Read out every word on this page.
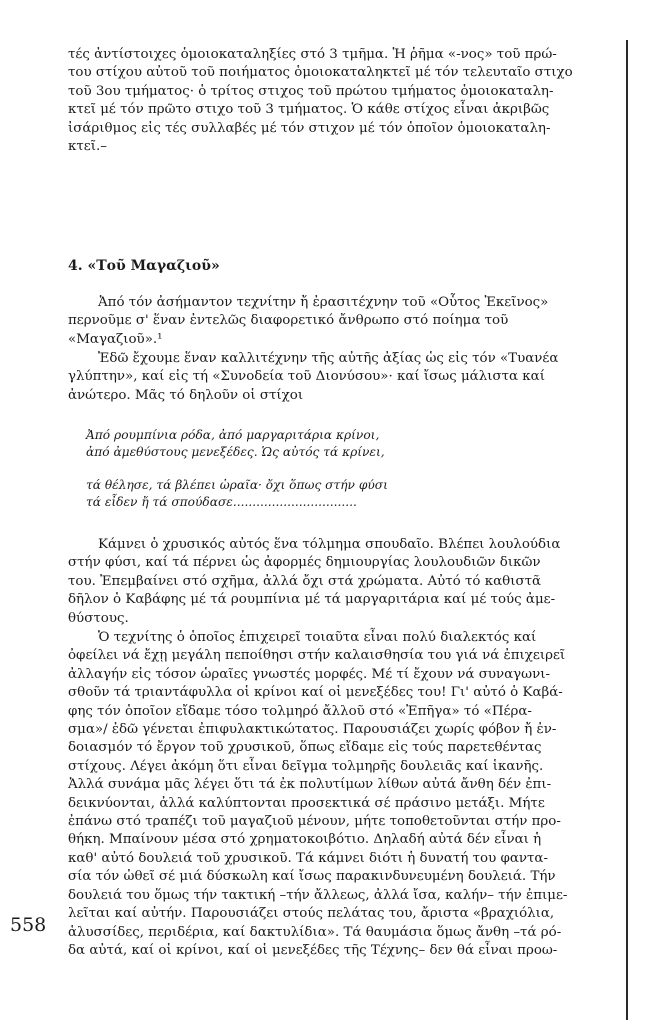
558
τές ἀντίστοιχες ὁμοιοκαταληξίες στό 3 τμῆμα. Ἡ ῥῆμα «-νος» τοῦ πρώ-
του στίχου αὐτοῦ τοῦ ποιήματος ὁμοιοκαταληκτεῖ μέ τόν τελευταῖο στιχο
τοῦ 3ου τμήματος· ὁ τρίτος στιχος τοῦ πρώτου τμήματος ὁμοιοκαταλη-
κτεῖ μέ τόν πρῶτο στιχο τοῦ 3 τμήματος. Ὁ κάθε στίχος εἶναι ἀκριβῶς
ἰσάριθμος εἰς τές συλλαβές μέ τόν στιχον μέ τόν ὁποῖον ὁμοιοκαταλη-
κτεῖ.–
4. «Τοῦ Μαγαζιοῦ»
Ἀπό τόν ἀσήμαντον τεχνίτην ἤ ἐρασιτέχνην τοῦ «Οὗτος Ἐκεῖνος»
περνοῦμε σ' ἕναν ἐντελῶς διαφορετικό ἄνθρωπο στό ποίημα τοῦ
«Μαγαζιοῦ».¹
Ἐδῶ ἔχουμε ἕναν καλλιτέχνην τῆς αὐτῆς ἀξίας ὡς εἰς τόν «Τυανέα
γλύπτην», καί εἰς τή «Συνοδεία τοῦ Διονύσου»· καί ἴσως μάλιστα καί
ἀνώτερο. Μᾶς τό δηλοῦν οἱ στίχοι
Ἀπό ρουμπίνια ρόδα, ἀπό μαργαριτάρια κρίνοι,
ἀπό ἀμεθύστους μενεξέδες. Ὡς αὐτός τά κρίνει,
τά θέλησε, τά βλέπει ὡραῖα· ὄχι ὅπως στήν φύσι
τά εἶδεν ἤ τά σπούδασε................................
Κάμνει ὁ χρυσικός αὐτός ἕνα τόλμημα σπουδαῖο. Βλέπει λουλούδια
στήν φύσι, καί τά πέρνει ὡς ἀφορμές δημιουργίας λουλουδιῶν δικῶν
του. Ἐπεμβαίνει στό σχῆμα, ἀλλά ὄχι στά χρώματα. Αὐτό τό καθιστᾶ
δῆλον ὁ Καβάφης μέ τά ρουμπίνια μέ τά μαργαριτάρια καί μέ τούς ἀμε-
θύστους.
Ὁ τεχνίτης ὁ ὁποῖος ἐπιχειρεῖ τοιαῦτα εἶναι πολύ διαλεκτός καί
ὀφείλει νά ἔχῃ μεγάλη πεποίθησι στήν καλαισθησία του γιά νά ἐπιχειρεῖ
ἀλλαγήν εἰς τόσον ὡραῖες γνωστές μορφές. Μέ τί ἔχουν νά συναγωνι-
σθοῦν τά τριαντάφυλλα οἱ κρίνοι καί οἱ μενεξέδες του! Γι' αὐτό ὁ Καβά-
φης τόν ὁποῖον εἴδαμε τόσο τολμηρό ἄλλοῦ στό «Ἐπῆγα» τό «Πέρα-
σμα»/ ἐδῶ γένεται ἐπιφυλακτικώτατος. Παρουσιάζει χωρίς φόβον ἤ ἐν-
δοιασμόν τό ἔργον τοῦ χρυσικοῦ, ὅπως εἴδαμε εἰς τούς παρετεθέντας
στίχους. Λέγει ἀκόμη ὅτι εἶναι δεῖγμα τολμηρῆς δουλειᾶς καί ἱκανῆς.
Ἀλλά συνάμα μᾶς λέγει ὅτι τά ἐκ πολυτίμων λίθων αὐτά ἄνθη δέν ἐπι-
δεικνύονται, ἀλλά καλύπτονται προσεκτικά σέ πράσινο μετάξι. Μήτε
ἐπάνω στό τραπέζι τοῦ μαγαζιοῦ μένουν, μήτε τοποθετοῦνται στήν προ-
θήκη. Μπαίνουν μέσα στό χρηματοκοιβότιο. Δηλαδή αὐτά δέν εἶναι ἡ
καθ' αὐτό δουλειά τοῦ χρυσικοῦ. Τά κάμνει διότι ἡ δυνατή του φαντα-
σία τόν ὠθεῖ σέ μιά δύσκωλη καί ἴσως παρακινδυνευμένη δουλειά. Τήν
δουλειά του ὅμως τήν τακτική –τήν ἄλλεως, ἀλλά ἴσα, καλήν– τήν ἐπιμε-
λεῖται καί αὐτήν. Παρουσιάζει στούς πελάτας του, ἄριστα «βραχιόλια,
ἁλυσσίδες, περιδέρια, καί δακτυλίδια». Τά θαυμάσια ὅμως ἄνθη –τά ρό-
δα αὐτά, καί οἱ κρίνοι, καί οἱ μενεξέδες τῆς Τέχνης– δεν θά εἶναι προω-
